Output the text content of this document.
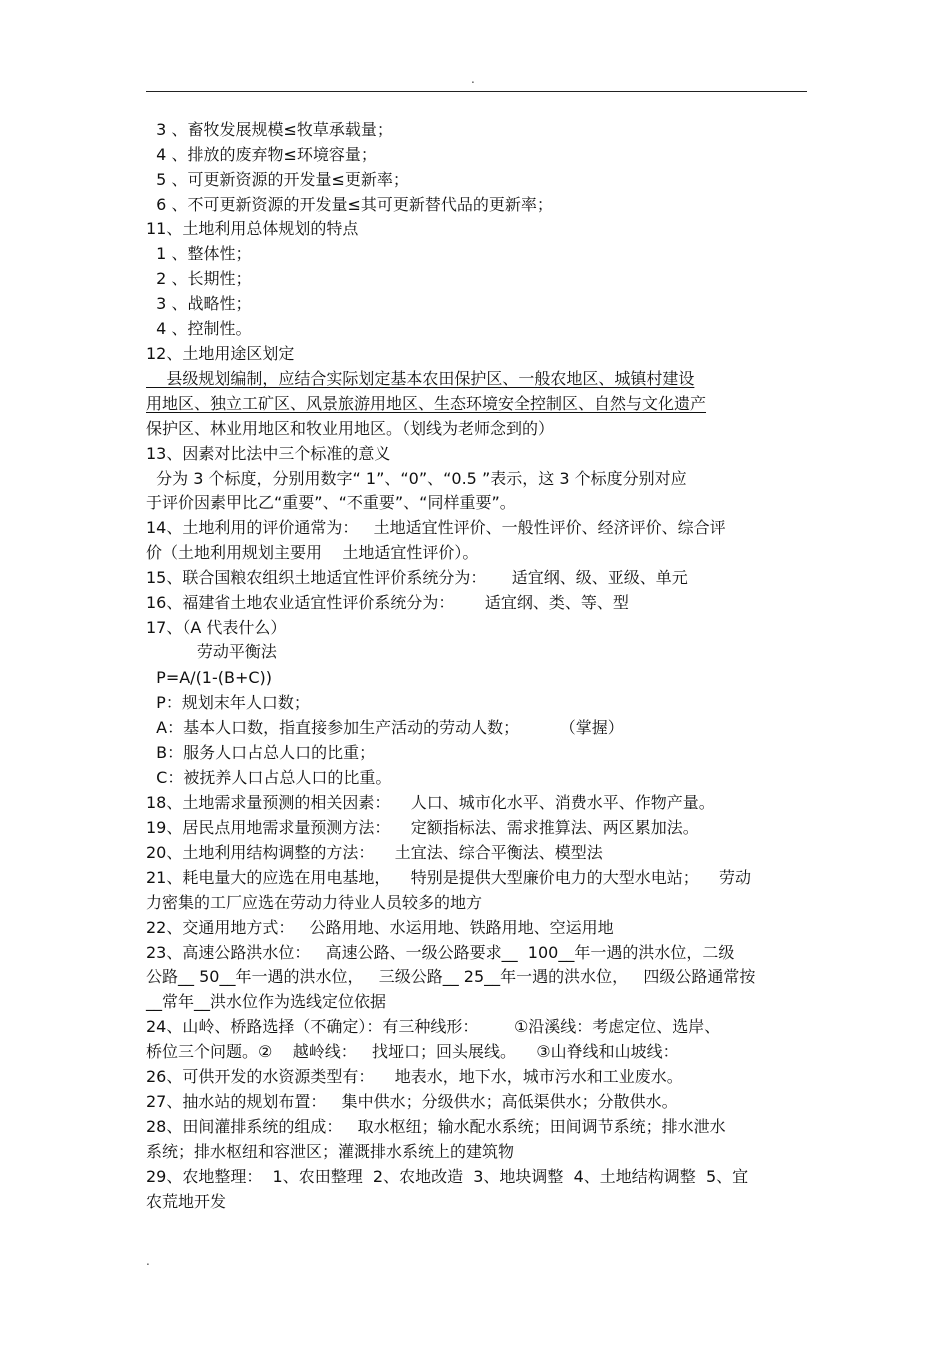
.
3 、畜牧发展规模≤牧草承载量；
4 、排放的废弃物≤环境容量；
5 、可更新资源的开发量≤更新率；
6 、不可更新资源的开发量≤其可更新替代品的更新率；
11、土地利用总体规划的特点
1 、整体性；
2 、长期性；
3 、战略性；
4 、控制性。
12、土地用途区划定
县级规划编制，应结合实际划定基本农田保护区、一般农地区、城镇村建设
用地区、独立工矿区、风景旅游用地区、生态环境安全控制区、自然与文化遗产
保护区、林业用地区和牧业用地区。（划线为老师念到的）
13、因素对比法中三个标准的意义
分为 3 个标度，分别用数字“ 1”、“0”、“0.5 ”表示，这 3 个标度分别对应
于评价因素甲比乙“重要”、“不重要”、“同样重要”。
14、土地利用的评价通常为：   土地适宜性评价、一般性评价、经济评价、综合评
价（土地利用规划主要用    土地适宜性评价）。
15、联合国粮农组织土地适宜性评价系统分为：     适宜纲、级、亚级、单元
16、福建省土地农业适宜性评价系统分为：      适宜纲、类、等、型
17、（A 代表什么）
劳动平衡法
P=A/(1-(B+C))
P：规划末年人口数；
A：基本人口数，指直接参加生产活动的劳动人数；        （掌握）
B：服务人口占总人口的比重；
C：被抚养人口占总人口的比重。
18、土地需求量预测的相关因素：    人口、城市化水平、消费水平、作物产量。
19、居民点用地需求量预测方法：    定额指标法、需求推算法、两区累加法。
20、土地利用结构调整的方法：    土宜法、综合平衡法、模型法
21、耗电量大的应选在用电基地，    特别是提供大型廉价电力的大型水电站；    劳动
力密集的工厂应选在劳动力待业人员较多的地方
22、交通用地方式：   公路用地、水运用地、铁路用地、空运用地
23、高速公路洪水位：   高速公路、一级公路要求__  100__年一遇的洪水位，二级
公路__ 50__年一遇的洪水位，   三级公路__ 25__年一遇的洪水位，   四级公路通常按
__常年__洪水位作为选线定位依据
24、山岭、桥路选择（不确定）：有三种线形：       ①沿溪线：考虑定位、选岸、
桥位三个问题。②    越岭线：   找垭口；回头展线。    ③山脊线和山坡线：
26、可供开发的水资源类型有：    地表水，地下水，城市污水和工业废水。
27、抽水站的规划布置：   集中供水；分级供水；高低渠供水；分散供水。
28、田间灌排系统的组成：   取水枢纽；输水配水系统；田间调节系统；排水泄水
系统；排水枢纽和容泄区；灌溉排水系统上的建筑物
29、农地整理：  1、农田整理  2、农地改造  3、地块调整  4、土地结构调整  5、宜
农荒地开发
.
